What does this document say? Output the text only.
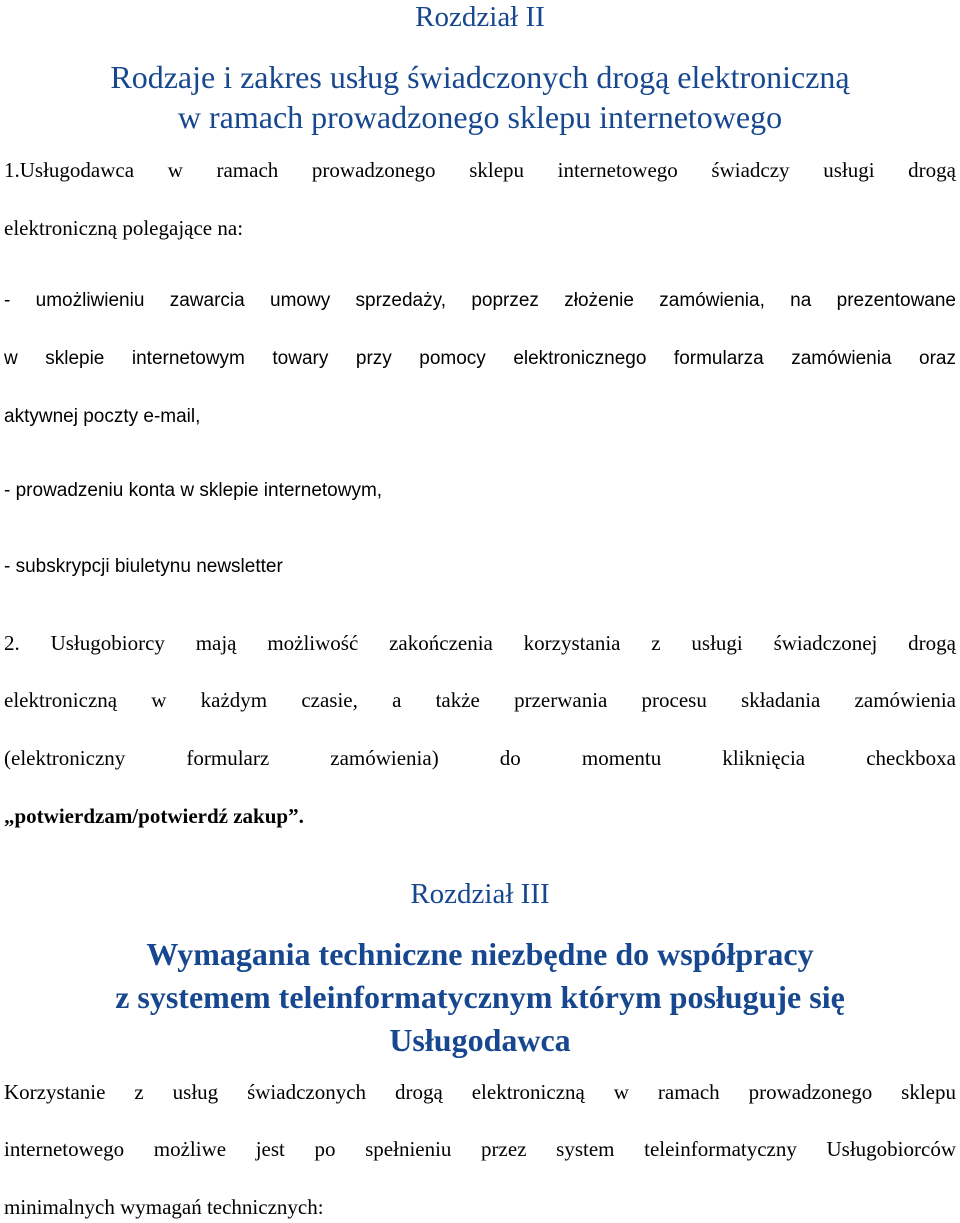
Rozdział II
Rodzaje i zakres usług świadczonych drogą elektroniczną
w ramach prowadzonego sklepu internetowego
1.Usługodawca w ramach prowadzonego sklepu internetowego świadczy usługi drogą
elektroniczną polegające na:
- umożliwieniu zawarcia umowy sprzedaży, poprzez złożenie zamówienia, na prezentowane
w sklepie internetowym towary przy pomocy elektronicznego formularza zamówienia oraz
aktywnej poczty e-mail,
- prowadzeniu konta w sklepie internetowym,
- subskrypcji biuletynu newsletter
2. Usługobiorcy mają możliwość zakończenia korzystania z usługi świadczonej drogą
elektroniczną w każdym czasie, a także przerwania procesu składania zamówienia
(elektroniczny formularz zamówienia) do momentu kliknięcia checkboxa
„potwierdzam/potwierdź zakup”.
Rozdział III
Wymagania techniczne niezbędne do współpracy
z systemem teleinformatycznym którym posługuje się
Usługodawca
Korzystanie z usług świadczonych drogą elektroniczną w ramach prowadzonego sklepu
internetowego możliwe jest po spełnieniu przez system teleinformatyczny Usługobiorców
minimalnych wymagań technicznych:
